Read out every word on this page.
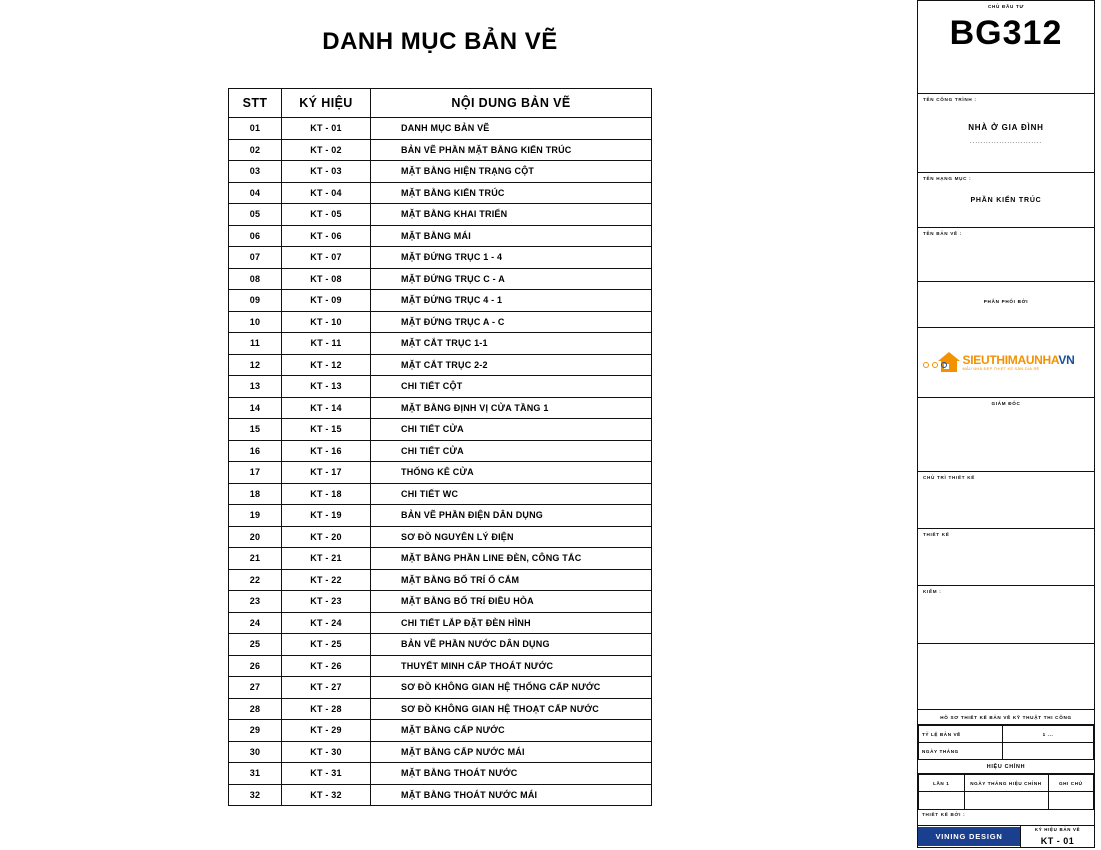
DANH MỤC BẢN VẼ
STT	KÝ HIỆU	NỘI DUNG BẢN VẼ
01	KT - 01	DANH MỤC BẢN VẼ
02	KT - 02	BẢN VẼ PHẦN MẶT BẰNG KIẾN TRÚC
03	KT - 03	MẶT BẰNG HIỆN TRẠNG CỘT
04	KT - 04	MẶT BẰNG KIẾN TRÚC
05	KT - 05	MẶT BẰNG KHAI TRIỂN
06	KT - 06	MẶT BẰNG MÁI
07	KT - 07	MẶT ĐỨNG TRỤC 1 - 4
08	KT - 08	MẶT ĐỨNG TRỤC C - A
09	KT - 09	MẶT ĐỨNG TRỤC 4 - 1
10	KT - 10	MẶT ĐỨNG TRỤC A - C
11	KT - 11	MẶT CẮT TRỤC 1-1
12	KT - 12	MẶT CẮT TRỤC 2-2
13	KT - 13	CHI TIẾT CỘT
14	KT - 14	MẶT BẰNG ĐỊNH VỊ CỬA TẦNG 1
15	KT - 15	CHI TIẾT CỬA
16	KT - 16	CHI TIẾT CỬA
17	KT - 17	THỐNG KÊ CỬA
18	KT - 18	CHI TIẾT WC
19	KT - 19	BẢN VẼ PHẦN ĐIỆN DÂN DỤNG
20	KT - 20	SƠ ĐỒ NGUYÊN LÝ ĐIỆN
21	KT - 21	MẶT BẰNG PHẦN LINE ĐÈN, CÔNG TẮC
22	KT - 22	MẶT BẰNG BỐ TRÍ Ổ CẮM
23	KT - 23	MẶT BẰNG BỐ TRÍ ĐIỀU HÒA
24	KT - 24	CHI TIẾT LẮP ĐẶT ĐÈN HÌNH
25	KT - 25	BẢN VẼ PHẦN NƯỚC DÂN DỤNG
26	KT - 26	THUYẾT MINH CẤP THOÁT NƯỚC
27	KT - 27	SƠ ĐỒ KHÔNG GIAN HỆ THỐNG CẤP NƯỚC
28	KT - 28	SƠ ĐỒ KHÔNG GIAN HỆ THOẠT CẤP NƯỚC
29	KT - 29	MẶT BẰNG CẤP NƯỚC
30	KT - 30	MẶT BẰNG CẤP NƯỚC MÁI
31	KT - 31	MẶT BẰNG THOÁT NƯỚC
32	KT - 32	MẶT BẰNG THOÁT NƯỚC MÁI
CHỦ ĐẦU TƯ
BG312
TÊN CÔNG TRÌNH :
NHÀ Ở GIA ĐÌNH
...........................
TÊN HẠNG MỤC :
PHẦN KIẾN TRÚC
TÊN BẢN VẼ :
PHÂN PHỐI BỞI
SIEUTHIMAUNHAVN
MẪU NHÀ ĐẸP THIẾT KẾ SÂN GIÁ RẺ
GIÁM ĐỐC
CHỦ TRÌ THIẾT KẾ
THIẾT KẾ
KIỂM :
HỒ SƠ THIẾT KẾ BẢN VẼ KỸ THUẬT THI CÔNG
TỶ LỆ BẢN VẼ	1 ...
NGÀY THÁNG	
HIỆU CHỈNH
LẦN 1	NGÀY THÁNG HIỆU CHỈNH	GHI CHÚ

THIẾT KẾ BỞI :
VINING DESIGN

KÝ HIỆU BẢN VẼ
KT - 01
